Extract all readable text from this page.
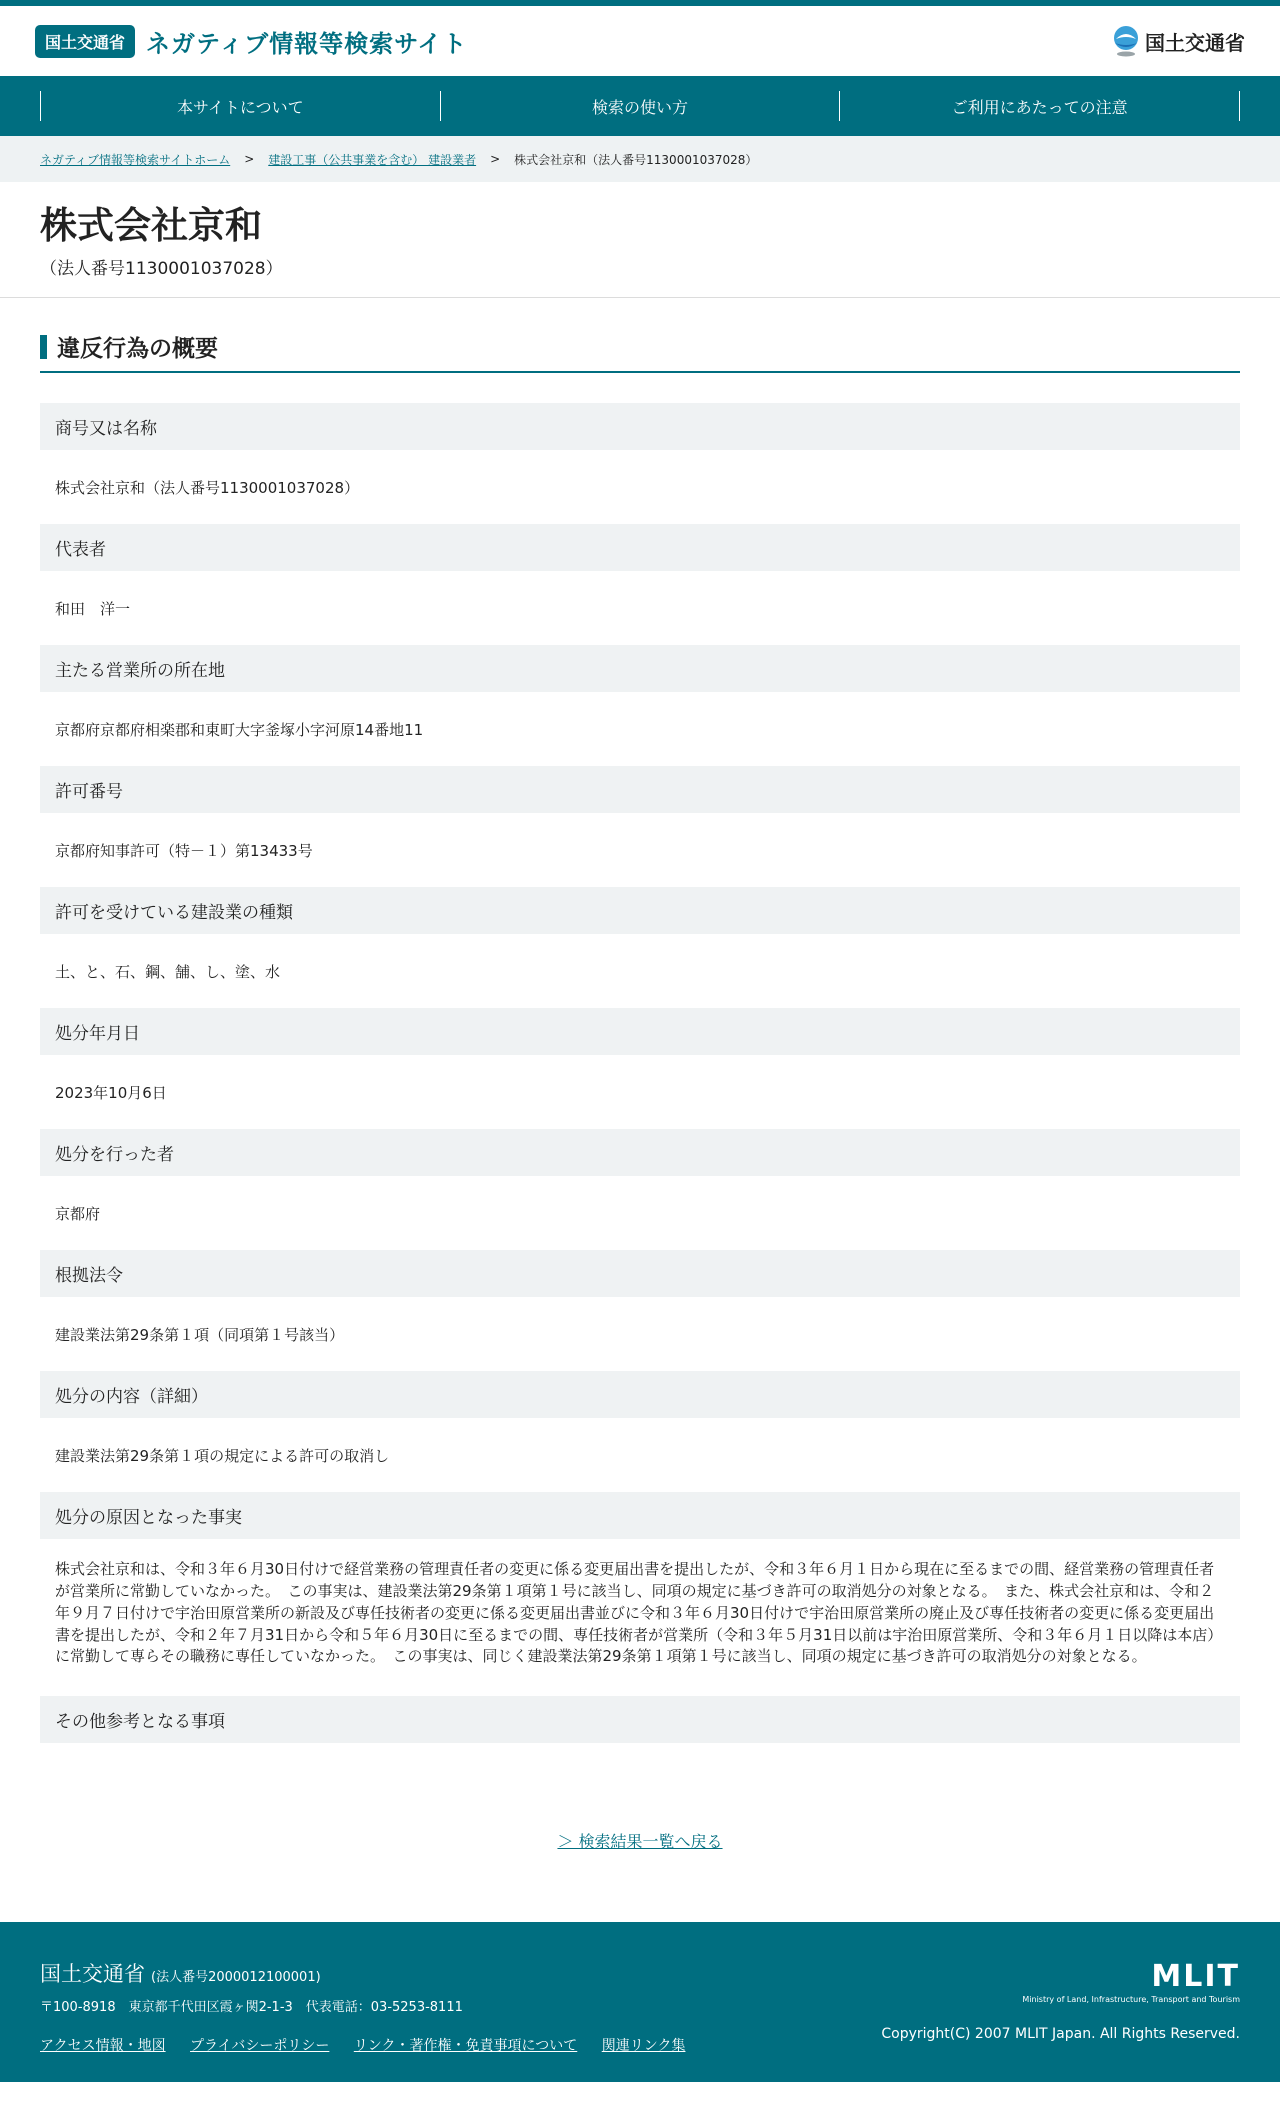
国土交通省 ネガティブ情報等検索サイト	国土交通省
本サイトについて	検索の使い方	ご利用にあたっての注意
ネガティブ情報等検索サイトホーム > 建設工事（公共事業を含む） 建設業者 > 株式会社京和（法人番号1130001037028）
株式会社京和
（法人番号1130001037028）
違反行為の概要
商号又は名称
株式会社京和（法人番号1130001037028）
代表者
和田　洋一
主たる営業所の所在地
京都府京都府相楽郡和東町大字釜塚小字河原14番地11
許可番号
京都府知事許可（特－１）第13433号
許可を受けている建設業の種類
土、と、石、鋼、舗、し、塗、水
処分年月日
2023年10月6日
処分を行った者
京都府
根拠法令
建設業法第29条第１項（同項第１号該当）
処分の内容（詳細）
建設業法第29条第１項の規定による許可の取消し
処分の原因となった事実
株式会社京和は、令和３年６月30日付けで経営業務の管理責任者の変更に係る変更届出書を提出したが、令和３年６月１日から現在に至るまでの間、経営業務の管理責任者が営業所に常勤していなかった。　この事実は、建設業法第29条第１項第１号に該当し、同項の規定に基づき許可の取消処分の対象となる。　また、株式会社京和は、令和２年９月７日付けで宇治田原営業所の新設及び専任技術者の変更に係る変更届出書並びに令和３年６月30日付けで宇治田原営業所の廃止及び専任技術者の変更に係る変更届出書を提出したが、令和２年７月31日から令和５年６月30日に至るまでの間、専任技術者が営業所（令和３年５月31日以前は宇治田原営業所、令和３年６月１日以降は本店）に常勤して専らその職務に専任していなかった。　この事実は、同じく建設業法第29条第１項第１号に該当し、同項の規定に基づき許可の取消処分の対象となる。
その他参考となる事項
＞ 検索結果一覧へ戻る
国土交通省 (法人番号2000012100001)
〒100-8918　東京都千代田区霞ヶ関2-1-3　代表電話：03-5253-8111
アクセス情報・地図 プライバシーポリシー リンク・著作権・免責事項について 関連リンク集
MLIT
Ministry of Land, Infrastructure, Transport and Tourism
Copyright(C) 2007 MLIT Japan. All Rights Reserved.
